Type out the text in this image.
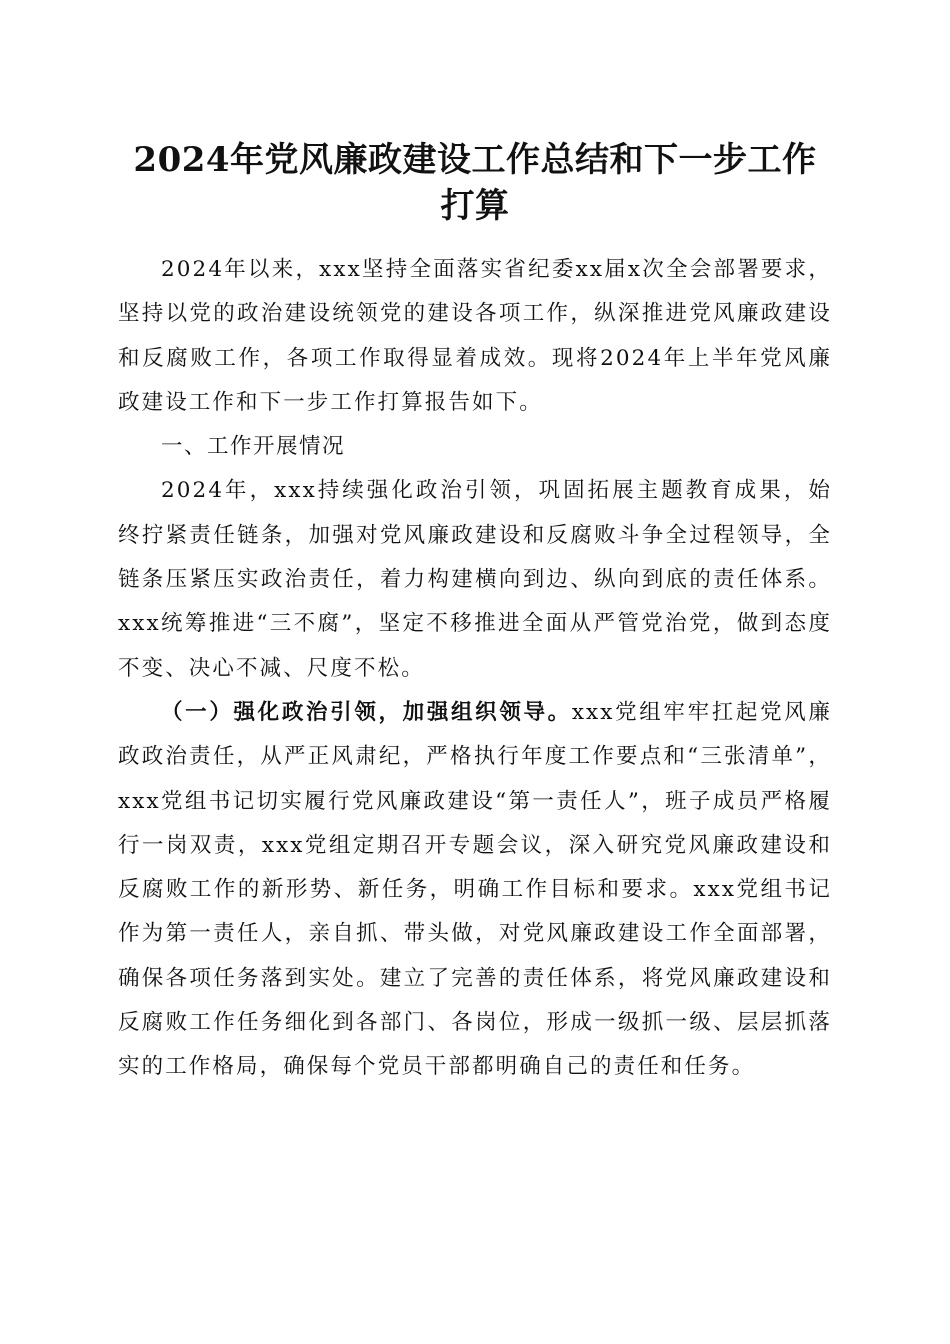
2024年党风廉政建设工作总结和下一步工作
打算

2024年以来，xxx坚持全面落实省纪委xx届x次全会部署要求，坚持以党的政治建设统领党的建设各项工作，纵深推进党风廉政建设和反腐败工作，各项工作取得显着成效。现将2024年上半年党风廉政建设工作和下一步工作打算报告如下。

一、工作开展情况

2024年，xxx持续强化政治引领，巩固拓展主题教育成果，始终拧紧责任链条，加强对党风廉政建设和反腐败斗争全过程领导，全链条压紧压实政治责任，着力构建横向到边、纵向到底的责任体系。xxx统筹推进“三不腐”，坚定不移推进全面从严管党治党，做到态度不变、决心不减、尺度不松。

（一）强化政治引领，加强组织领导。xxx党组牢牢扛起党风廉政政治责任，从严正风肃纪，严格执行年度工作要点和“三张清单”，xxx党组书记切实履行党风廉政建设“第一责任人”，班子成员严格履行一岗双责，xxx党组定期召开专题会议，深入研究党风廉政建设和反腐败工作的新形势、新任务，明确工作目标和要求。xxx党组书记作为第一责任人，亲自抓、带头做，对党风廉政建设工作全面部署，确保各项任务落到实处。建立了完善的责任体系，将党风廉政建设和反腐败工作任务细化到各部门、各岗位，形成一级抓一级、层层抓落实的工作格局，确保每个党员干部都明确自己的责任和任务。
